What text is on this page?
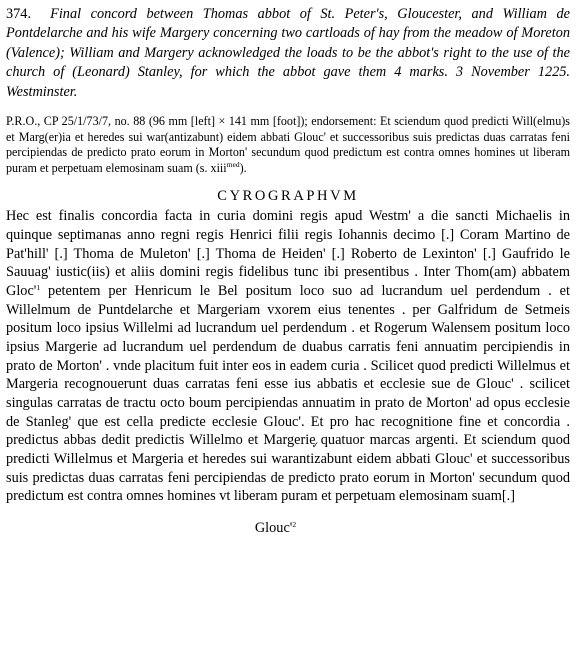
374. Final concord between Thomas abbot of St. Peter's, Gloucester, and William de Pontdelarche and his wife Margery concerning two cartloads of hay from the meadow of Moreton (Valence); William and Margery acknowledged the loads to be the abbot's right to the use of the church of (Leonard) Stanley, for which the abbot gave them 4 marks. 3 November 1225. Westminster.

P.R.O., CP 25/1/73/7, no. 88 (96 mm [left] × 141 mm [foot]); endorsement: Et sciendum quod predicti Will(elmu)s et Marg(er)ia et heredes sui war(antizabunt) eidem abbati Glouc' et successoribus suis predictas duas carratas feni percipiendas de predicto prato eorum in Morton' secundum quod predictum est contra omnes homines ut liberam puram et perpetuam elemosinam suam (s. xiii$^{med}$).

CYROGRAPHVM

Hec est finalis concordia facta in curia domini regis apud Westm' a die sancti Michaelis in quinque septimanas anno regni regis Henrici filii regis Iohannis decimo [.] Coram Martino de Pat'hill' [.] Thoma de Muleton' [.] Thoma de Heiden' [.] Roberto de Lexinton' [.] Gaufrido le Sauuag' iustic(iis) et aliis domini regis fidelibus tunc ibi presentibus . Inter Thom(am) abbatem $Gloc'^1$ petentem per Henricum le Bel positum loco suo ad lucrandum uel perdendum . et Willelmum de Puntdelarche et Margeriam vxorem eius tenentes . per Galfridum de Setmeis positum loco ipsius Willelmi ad lucrandum uel perdendum . et Rogerum Walensem positum loco ipsius Margerie ad lucrandum uel perdendum de duabus carratis feni annuatim percipiendis in prato de Morton' . vnde placitum fuit inter eos in eadem curia . Scilicet quod predicti Willelmus et Margeria recognouerunt duas carratas feni esse ius abbatis et ecclesie sue de Glouc' . scilicet singulas carratas de tractu octo boum percipiendas annuatim in prato de Morton' ad opus ecclesie de Stanleg' que est cella predicte ecclesie Glouc'. Et pro hac recognitione fine et concordia . predictus abbas dedit predictis Willelmo et Margerie quatuor marcas argenti. Et sciendum quod predicti Willelmus et Margeria et heredes sui warantizabunt eidem abbati Glouc' et successoribus suis predictas duas carratas feni percipiendas de predicto prato eorum in Morton' secundum quod predictum est contra omnes homines vt liberam puram et perpetuam elemosinam suam[.]

$Glouc'^2$
